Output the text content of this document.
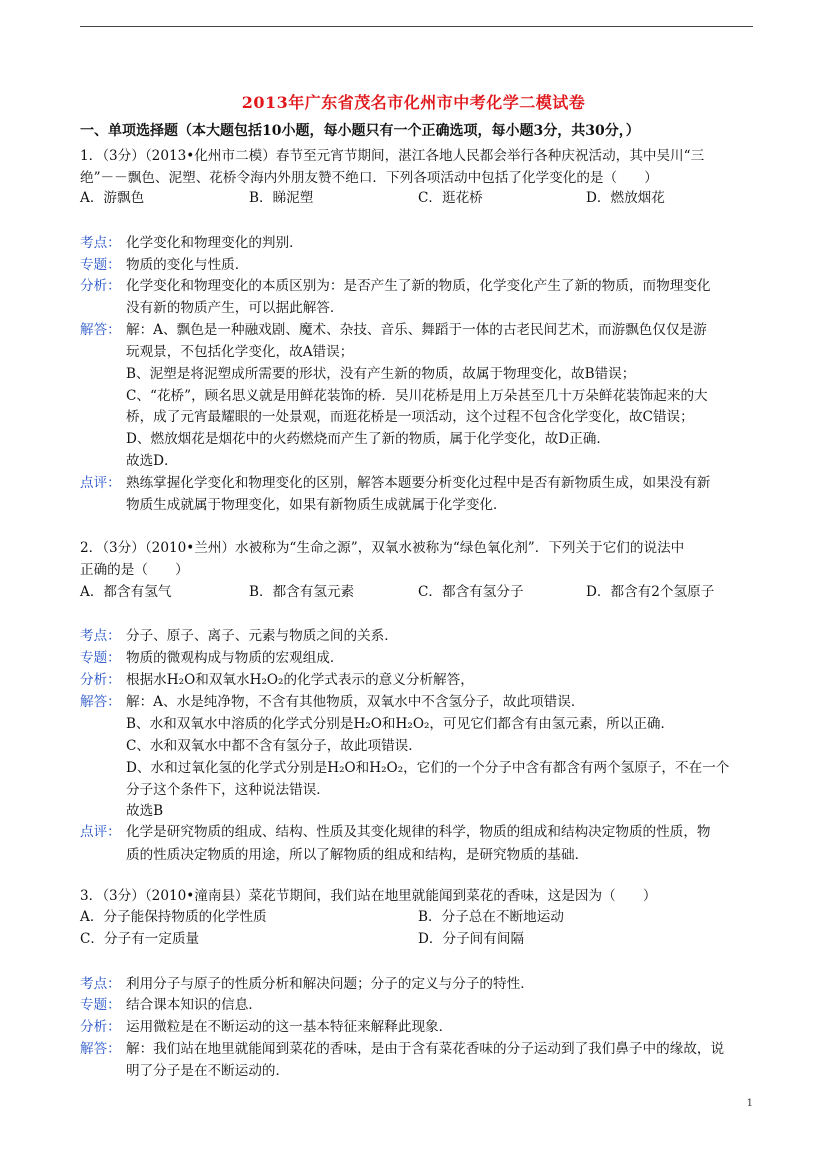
2013年广东省茂名市化州市中考化学二模试卷
一、单项选择题（本大题包括10小题，每小题只有一个正确选项，每小题3分，共30分，）
1．（3分）（2013•化州市二模）春节至元宵节期间，湛江各地人民都会举行各种庆祝活动，其中吴川“三
绝”－－飘色、泥塑、花桥令海内外朋友赞不绝口．下列各项活动中包括了化学变化的是（　　）
A．游飘色	B．睇泥塑	C．逛花桥	D．燃放烟花
考点： 化学变化和物理变化的判别．
专题： 物质的变化与性质．
分析： 化学变化和物理变化的本质区别为：是否产生了新的物质，化学变化产生了新的物质，而物理变化
没有新的物质产生，可以据此解答．
解答： 解：A、飘色是一种融戏剧、魔术、杂技、音乐、舞蹈于一体的古老民间艺术，而游飘色仅仅是游
玩观景，不包括化学变化，故A错误；
B、泥塑是将泥塑成所需要的形状，没有产生新的物质，故属于物理变化，故B错误；
C、“花桥”，顾名思义就是用鲜花装饰的桥．吴川花桥是用上万朵甚至几十万朵鲜花装饰起来的大
桥，成了元宵最耀眼的一处景观，而逛花桥是一项活动，这个过程不包含化学变化，故C错误；
D、燃放烟花是烟花中的火药燃烧而产生了新的物质，属于化学变化，故D正确．
故选D．
点评： 熟练掌握化学变化和物理变化的区别，解答本题要分析变化过程中是否有新物质生成，如果没有新
物质生成就属于物理变化，如果有新物质生成就属于化学变化．
2．（3分）（2010•兰州）水被称为“生命之源”，双氧水被称为“绿色氧化剂”．下列关于它们的说法中
正确的是（　　）
A．都含有氢气	B．都含有氢元素	C．都含有氢分子	D．都含有2个氢原子
考点： 分子、原子、离子、元素与物质之间的关系．
专题： 物质的微观构成与物质的宏观组成．
分析： 根据水H₂O和双氧水H₂O₂的化学式表示的意义分析解答，
解答： 解：A、水是纯净物，不含有其他物质，双氧水中不含氢分子，故此项错误．
B、水和双氧水中溶质的化学式分别是H₂O和H₂O₂，可见它们都含有由氢元素，所以正确．
C、水和双氧水中都不含有氢分子，故此项错误．
D、水和过氧化氢的化学式分别是H₂O和H₂O₂，它们的一个分子中含有都含有两个氢原子，不在一个
分子这个条件下，这种说法错误．
故选B
点评： 化学是研究物质的组成、结构、性质及其变化规律的科学，物质的组成和结构决定物质的性质，物
质的性质决定物质的用途，所以了解物质的组成和结构，是研究物质的基础．
3．（3分）（2010•潼南县）菜花节期间，我们站在地里就能闻到菜花的香味，这是因为（　　）
A．分子能保持物质的化学性质	B．分子总在不断地运动
C．分子有一定质量	D．分子间有间隔
考点： 利用分子与原子的性质分析和解决问题；分子的定义与分子的特性．
专题： 结合课本知识的信息．
分析： 运用微粒是在不断运动的这一基本特征来解释此现象．
解答： 解：我们站在地里就能闻到菜花的香味，是由于含有菜花香味的分子运动到了我们鼻子中的缘故，说
明了分子是在不断运动的．
1
